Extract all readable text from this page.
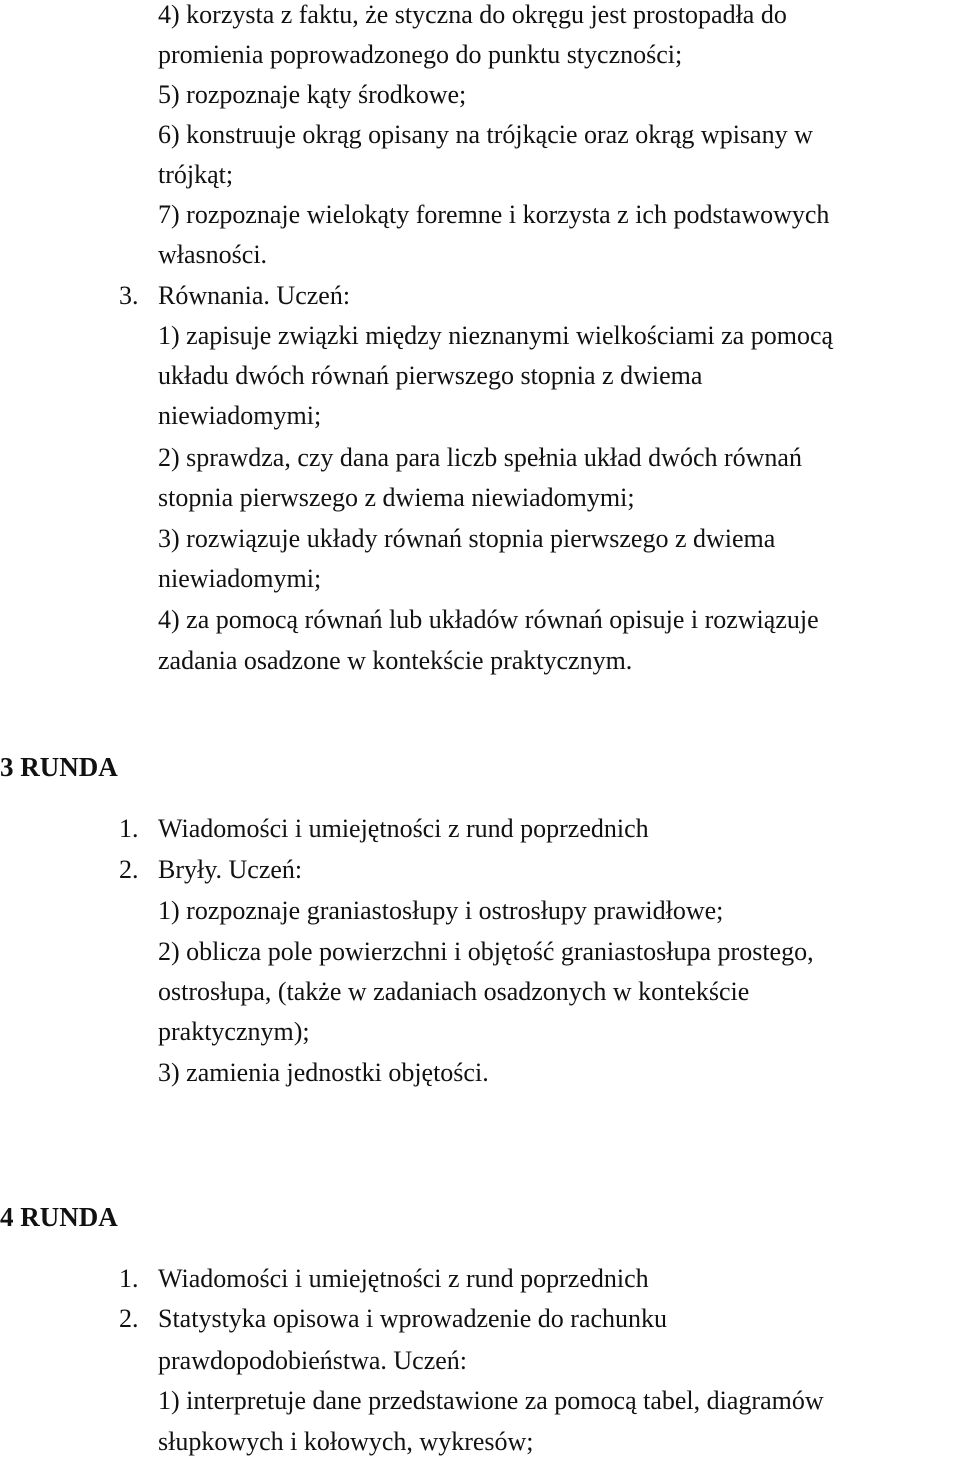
4) korzysta z faktu, że styczna do okręgu jest prostopadła do
promienia poprowadzonego do punktu styczności;
5) rozpoznaje kąty środkowe;
6) konstruuje okrąg opisany na trójkącie oraz okrąg wpisany w
trójkąt;
7) rozpoznaje wielokąty foremne i korzysta z ich podstawowych
własności.
3. Równania. Uczeń:
1) zapisuje związki między nieznanymi wielkościami za pomocą
układu dwóch równań pierwszego stopnia z dwiema
niewiadomymi;
2) sprawdza, czy dana para liczb spełnia układ dwóch równań
stopnia pierwszego z dwiema niewiadomymi;
3) rozwiązuje układy równań stopnia pierwszego z dwiema
niewiadomymi;
4) za pomocą równań lub układów równań opisuje i rozwiązuje
zadania osadzone w kontekście praktycznym.
3 RUNDA
1. Wiadomości i umiejętności z rund poprzednich
2. Bryły. Uczeń:
1) rozpoznaje graniastosłupy i ostrosłupy prawidłowe;
2) oblicza pole powierzchni i objętość graniastosłupa prostego,
ostrosłupa, (także w zadaniach osadzonych w kontekście
praktycznym);
3) zamienia jednostki objętości.
4 RUNDA
1. Wiadomości i umiejętności z rund poprzednich
2. Statystyka opisowa i wprowadzenie do rachunku
prawdopodobieństwa. Uczeń:
1) interpretuje dane przedstawione za pomocą tabel, diagramów
słupkowych i kołowych, wykresów;
